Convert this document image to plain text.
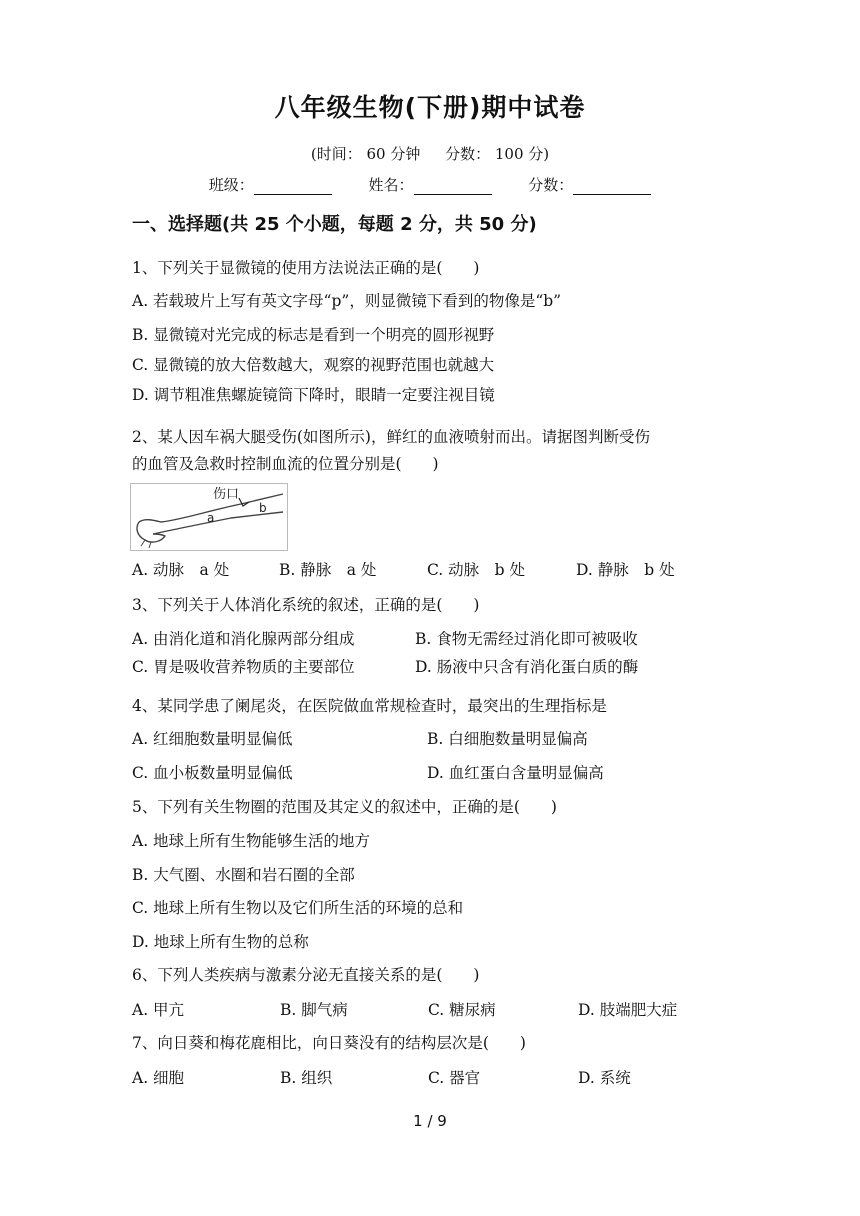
八年级生物(下册)期中试卷
(时间： 60 分钟 分数： 100 分)
班级：	姓名：	分数：
一、选择题(共 25 个小题，每题 2 分，共 50 分)
1、下列关于显微镜的使用方法说法正确的是(　　)
A. 若载玻片上写有英文字母“p”，则显微镜下看到的物像是“b”
B. 显微镜对光完成的标志是看到一个明亮的圆形视野
C. 显微镜的放大倍数越大，观察的视野范围也就越大
D. 调节粗准焦螺旋镜筒下降时，眼睛一定要注视目镜
2、某人因车祸大腿受伤(如图所示)，鲜红的血液喷射而出。请据图判断受伤
的血管及急救时控制血流的位置分别是(　　)
伤口
a
b
A. 动脉　a 处	B. 静脉　a 处	C. 动脉　b 处	D. 静脉　b 处
3、下列关于人体消化系统的叙述，正确的是(　　)
A. 由消化道和消化腺两部分组成	B. 食物无需经过消化即可被吸收
C. 胃是吸收营养物质的主要部位	D. 肠液中只含有消化蛋白质的酶
4、某同学患了阑尾炎，在医院做血常规检查时，最突出的生理指标是
A. 红细胞数量明显偏低	B. 白细胞数量明显偏高
C. 血小板数量明显偏低	D. 血红蛋白含量明显偏高
5、下列有关生物圈的范围及其定义的叙述中，正确的是(　　)
A. 地球上所有生物能够生活的地方
B. 大气圈、水圈和岩石圈的全部
C. 地球上所有生物以及它们所生活的环境的总和
D. 地球上所有生物的总称
6、下列人类疾病与激素分泌无直接关系的是(　　)
A. 甲亢	B. 脚气病	C. 糖尿病	D. 肢端肥大症
7、向日葵和梅花鹿相比，向日葵没有的结构层次是(　　)
A. 细胞	B. 组织	C. 器官	D. 系统
1 / 9
